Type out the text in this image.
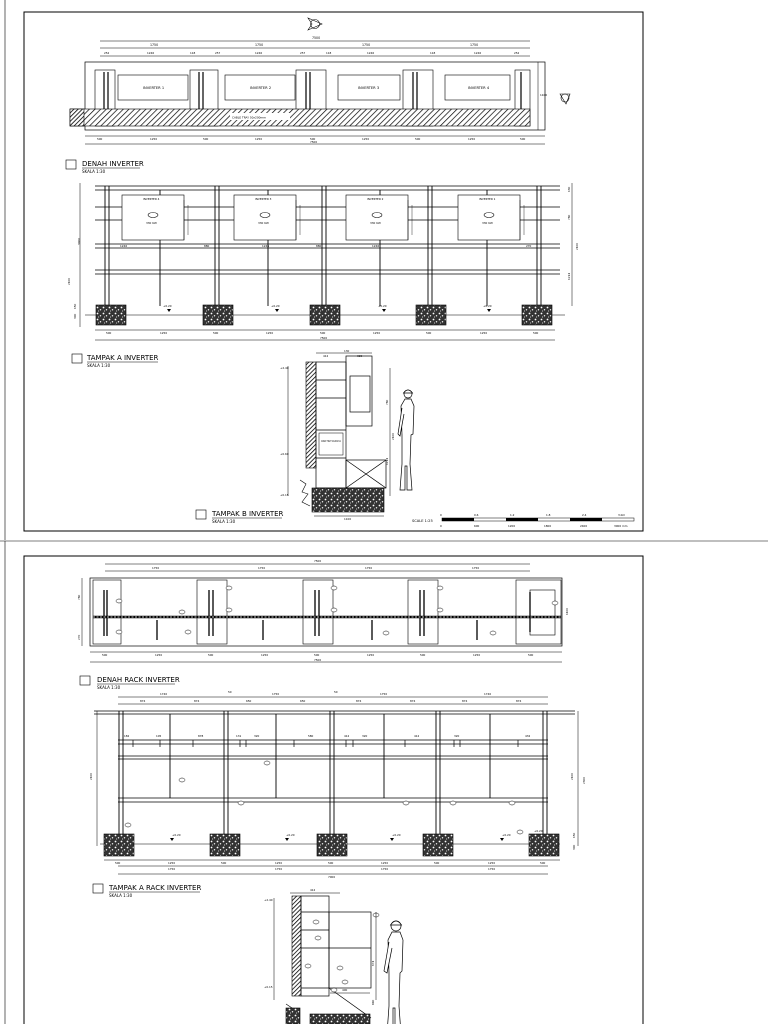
7500
1750	1750	1750	1750
252	1246	118	257	1246	257	118	1246	118	1246	252
INVERTER 1	INVERTER 2	INVERTER 3	INVERTER 4
CABLE TRAY 50x200mm
1100
500	1250	500	1250	500	1250	500	1250	500
7500
DENAH INVERTER
SKALA 1:30
2100
3000
150
300
INVERTER 4
330 KW
INVERTER 3
330 KW
INVERTER 2
330 KW
INVERTER 1
330 KW
1246	880	1246	880	1246	270
130
780
1214
2100
+0.20	+0.20	+0.20	+0.20
500	1250	500	1250	500	1250	500	1250	500
7500
TAMPAK A INVERTER
SKALA 1:30
412
130
320
CABLE TRAY 50x200mm
+2.40
+0.60
+0.15
780
1214
2100
1100
TAMPAK B INVERTER
SKALA 1:30	SCALE 1:25
0	0.6	1.2	1.8	2.4	3.0m
0	600	1200	1800	2400	3000 mm
7500
1750	1750	1750	1750
780
1100
270
500	1250	500	1250	500	1250	500	1250	500
7500
DENAH RACK INVERTER
SKALA 1:30
1740	1750	1750	1740
50	50
874	874	650	650	874	874	874	874
182	105	878	131	320	580	412	320	412	320	432
2100	2100
2300
150
300
+0.20	+0.20	+0.20	+0.20
+0.20
500	1250	500	1250	500	1250	500	1250	500
1750	1750	1750	1750
7000
TAMPAK A RACK INVERTER
SKALA 1:30
412
+2.40
+0.15
674
840
400
